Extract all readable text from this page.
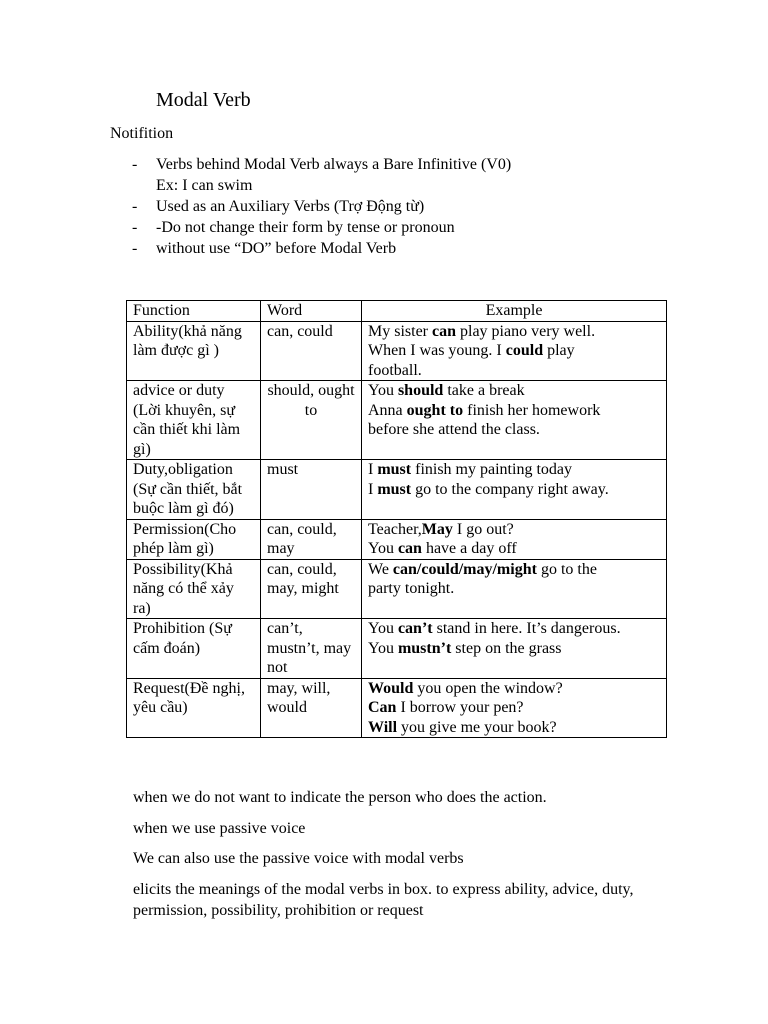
Modal Verb
Notifition
- Verbs behind Modal Verb always a Bare Infinitive (V0)
Ex: I can swim
- Used as an Auxiliary Verbs (Trợ Động từ)
- -Do not change their form by tense or pronoun
- without use “DO” before Modal Verb
Function	Word	Example
Ability(khả năng làm được gì )	can, could	My sister can play piano very well.
When I was young. I could play
football.

advice or duty (Lời khuyên, sự cần thiết khi làm gì)	should, ought to	You should take a break
Anna ought to finish her homework
before she attend the class.

Duty,obligation (Sự cần thiết, bắt buộc làm gì đó)	must	I must finish my painting today
I must go to the company right away.

Permission(Cho phép làm gì)	can, could, may	Teacher,May I go out?
You can have a day off

Possibility(Khả năng có thể xảy ra)	can, could, may, might	We can/could/may/might go to the
party tonight.

Prohibition (Sự cấm đoán)	can’t, mustn’t, may not	You can’t stand in here. It’s dangerous.
You mustn’t step on the grass

Request(Đề nghị, yêu cầu)	may, will, would	Would you open the window?
Can I borrow your pen?
Will you give me your book?
when we do not want to indicate the person who does the action.
when we use passive voice
We can also use the passive voice with modal verbs
elicits the meanings of the modal verbs in box. to express ability, advice, duty, permission, possibility, prohibition or request
